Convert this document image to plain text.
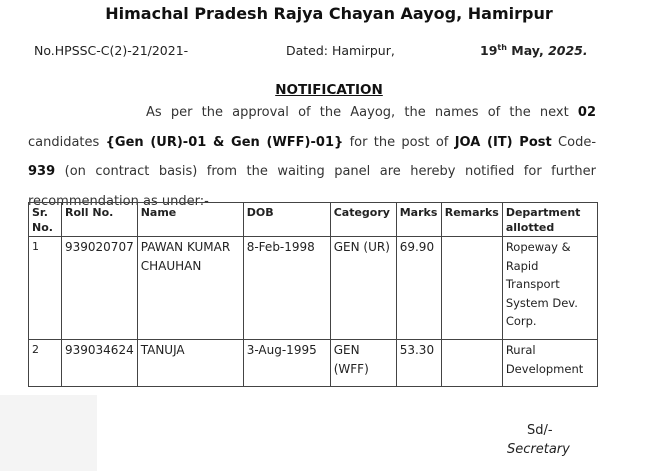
Himachal Pradesh Rajya Chayan Aayog, Hamirpur
No.HPSSC-C(2)-21/2021-	Dated: Hamirpur,	19th May, 2025.
NOTIFICATION
As per the approval of the Aayog, the names of the next 02 candidates {Gen (UR)-01 & Gen (WFF)-01} for the post of JOA (IT) Post Code- 939 (on contract basis) from the waiting panel are hereby notified for further recommendation as under:-
Sr. No.	Roll No.	Name	DOB	Category	Marks	Remarks	Department allotted
1	939020707	PAWAN KUMAR CHAUHAN	8-Feb-1998	GEN (UR)	69.90		Ropeway & Rapid Transport System Dev. Corp.
2	939034624	TANUJA	3-Aug-1995	GEN (WFF)	53.30		Rural Development
Sd/-
Secretary
